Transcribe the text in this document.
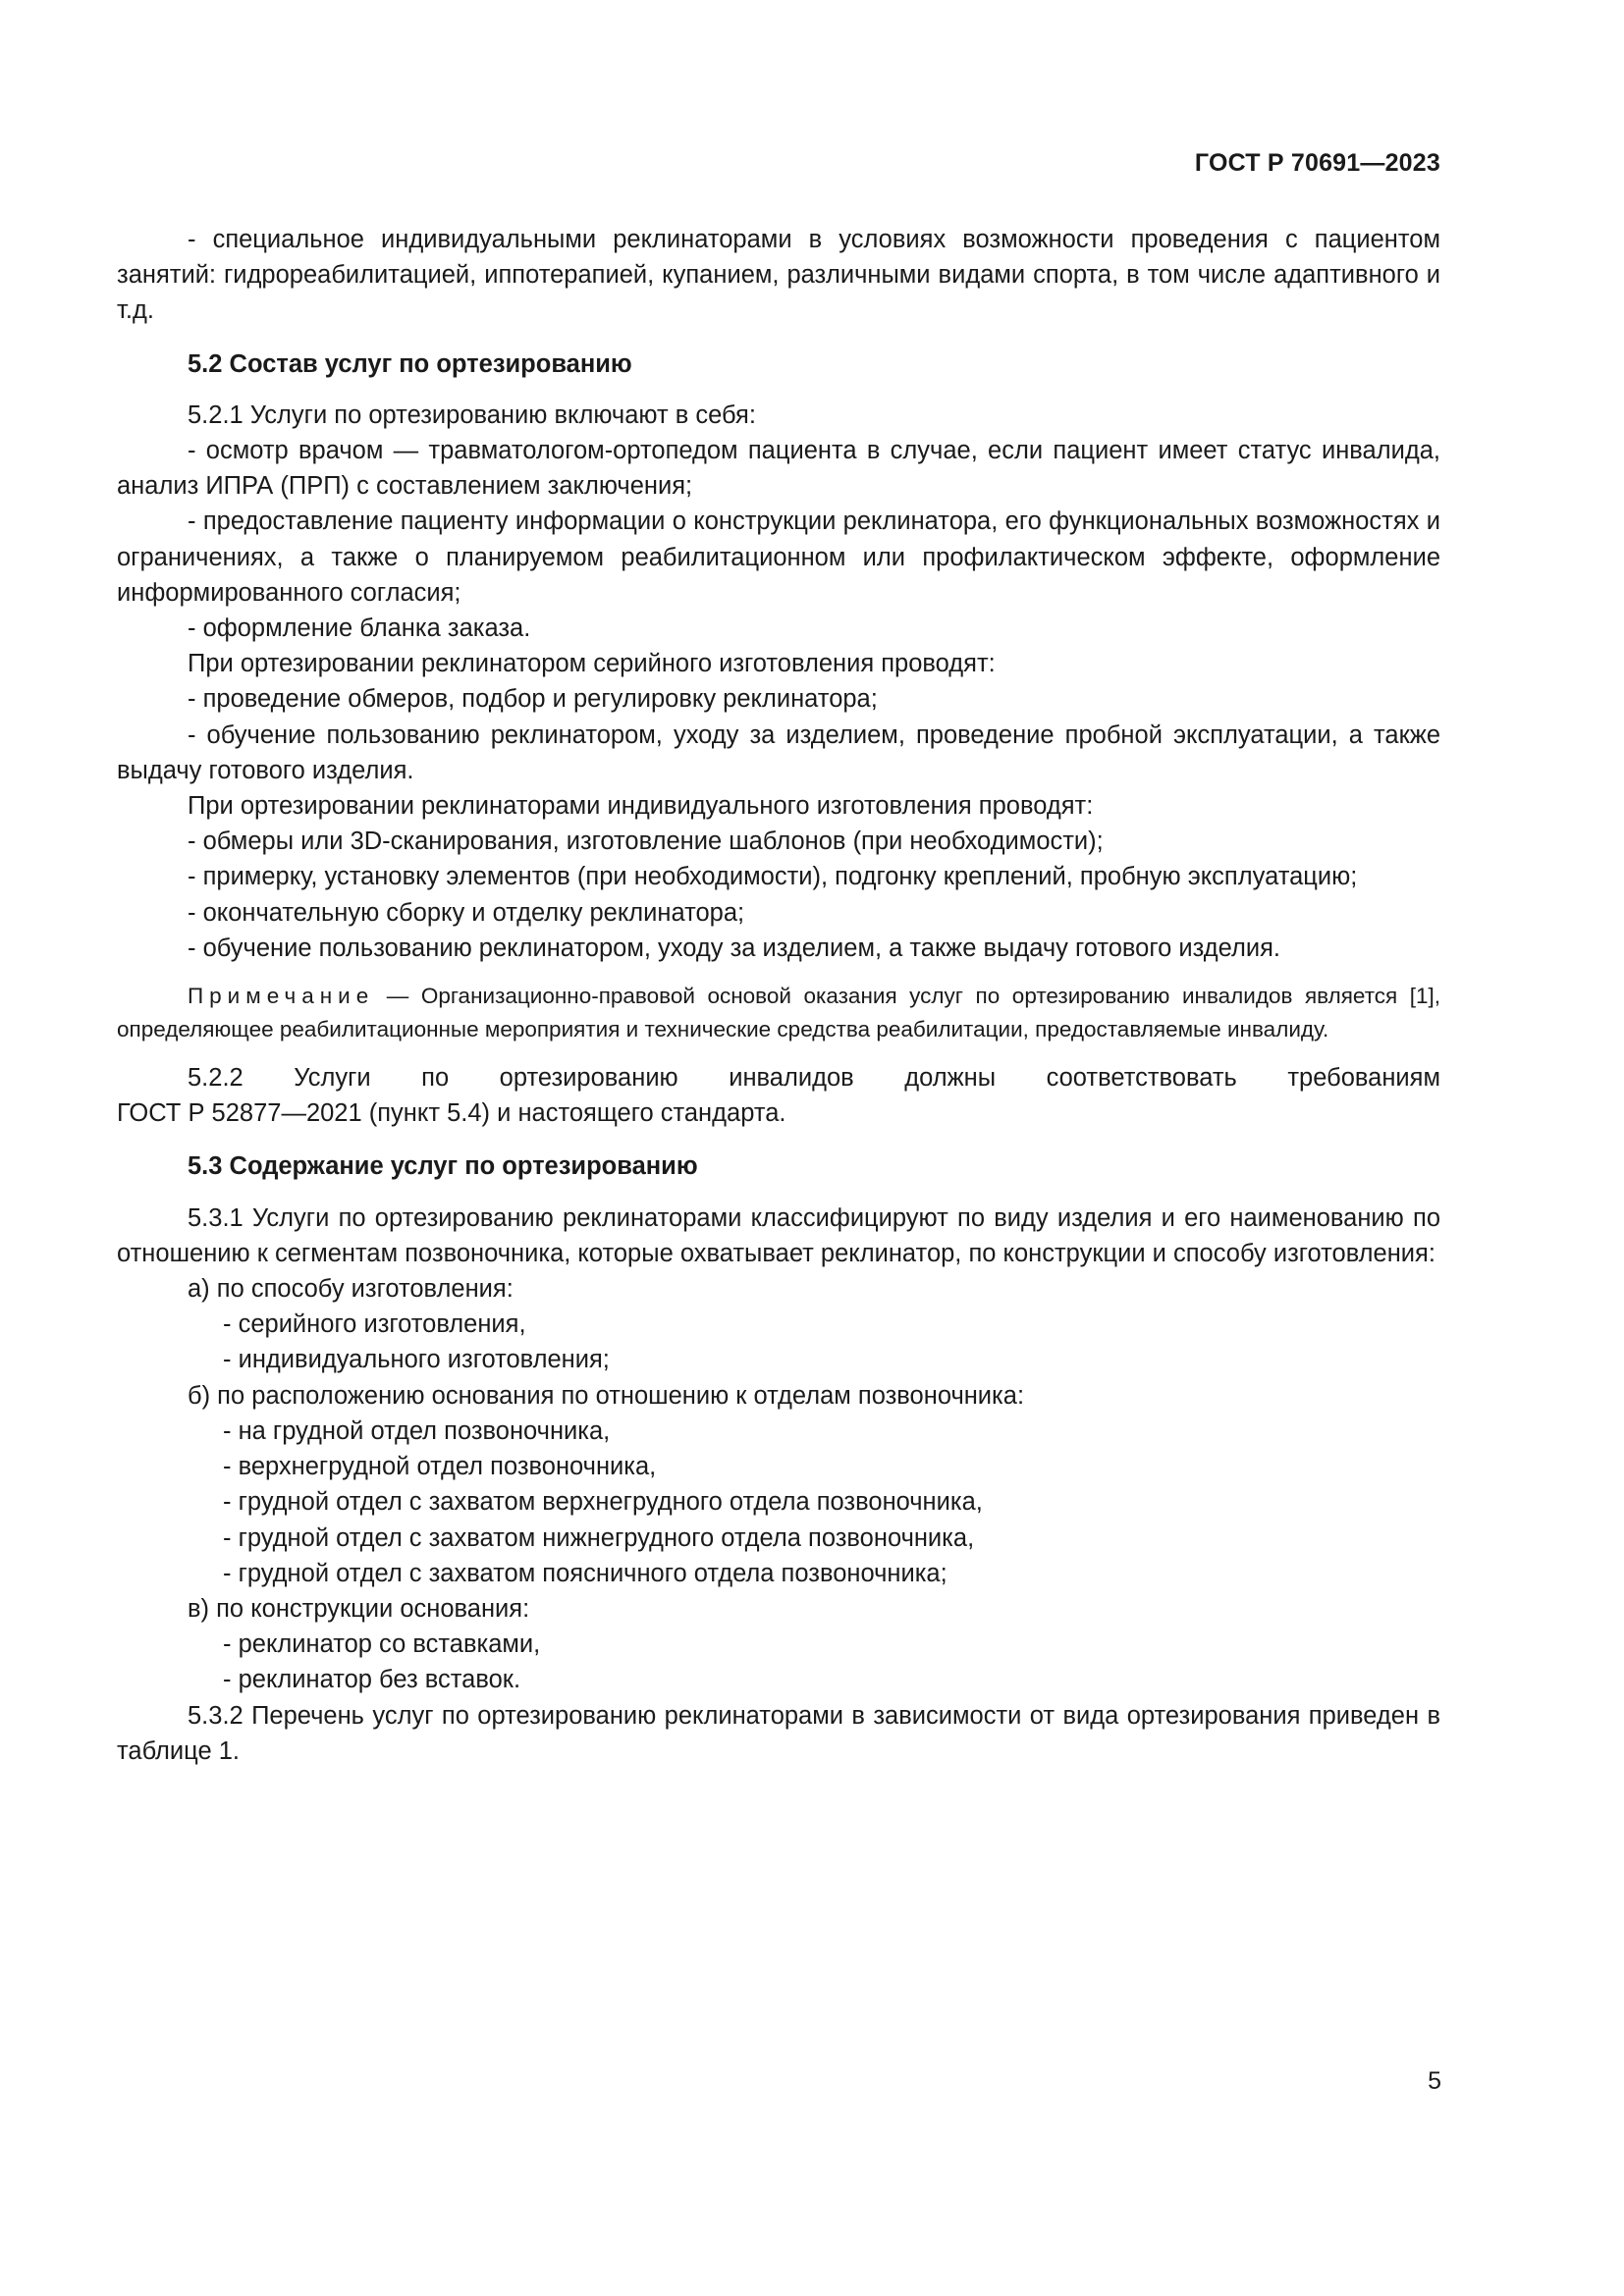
ГОСТ Р 70691—2023

- специальное индивидуальными реклинаторами в условиях возможности проведения с пациентом занятий: гидрореабилитацией, иппотерапией, купанием, различными видами спорта, в том числе адаптивного и т.д.

5.2 Состав услуг по ортезированию

5.2.1 Услуги по ортезированию включают в себя:

- осмотр врачом — травматологом-ортопедом пациента в случае, если пациент имеет статус инвалида, анализ ИПРА (ПРП) с составлением заключения;

- предоставление пациенту информации о конструкции реклинатора, его функциональных возможностях и ограничениях, а также о планируемом реабилитационном или профилактическом эффекте, оформление информированного согласия;

- оформление бланка заказа.

При ортезировании реклинатором серийного изготовления проводят:

- проведение обмеров, подбор и регулировку реклинатора;

- обучение пользованию реклинатором, уходу за изделием, проведение пробной эксплуатации, а также выдачу готового изделия.

При ортезировании реклинаторами индивидуального изготовления проводят:

- обмеры или 3D-сканирования, изготовление шаблонов (при необходимости);

- примерку, установку элементов (при необходимости), подгонку креплений, пробную эксплуатацию;

- окончательную сборку и отделку реклинатора;

- обучение пользованию реклинатором, уходу за изделием, а также выдачу готового изделия.

Примечание — Организационно-правовой основой оказания услуг по ортезированию инвалидов является [1], определяющее реабилитационные мероприятия и технические средства реабилитации, предоставляемые инвалиду.

5.2.2 Услуги по ортезированию инвалидов должны соответствовать требованиям

ГОСТ Р 52877—2021 (пункт 5.4) и настоящего стандарта.

5.3 Содержание услуг по ортезированию

5.3.1 Услуги по ортезированию реклинаторами классифицируют по виду изделия и его наименованию по отношению к сегментам позвоночника, которые охватывает реклинатор, по конструкции и способу изготовления:

а) по способу изготовления:

- серийного изготовления,

- индивидуального изготовления;

б) по расположению основания по отношению к отделам позвоночника:

- на грудной отдел позвоночника,

- верхнегрудной отдел позвоночника,

- грудной отдел с захватом верхнегрудного отдела позвоночника,

- грудной отдел с захватом нижнегрудного отдела позвоночника,

- грудной отдел с захватом поясничного отдела позвоночника;

в) по конструкции основания:

- реклинатор со вставками,

- реклинатор без вставок.

5.3.2 Перечень услуг по ортезированию реклинаторами в зависимости от вида ортезирования приведен в таблице 1.

5
